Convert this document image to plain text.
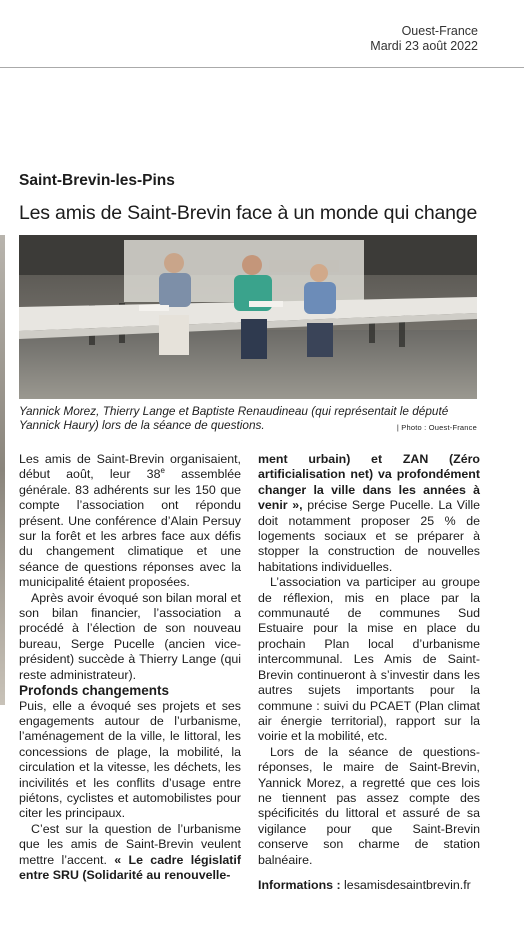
Ouest-France
Mardi 23 août 2022
Saint-Brevin-les-Pins
Les amis de Saint-Brevin face à un monde qui change
Yannick Morez, Thierry Lange et Baptiste Renaudineau (qui représentait le député Yannick Haury) lors de la séance de questions.	| Photo : Ouest-France

Les amis de Saint-Brevin organisaient, début août, leur 38e assemblée générale. 83 adhérents sur les 150 que compte l’association ont répondu présent. Une conférence d’Alain Persuy sur la forêt et les arbres face aux défis du changement climatique et une séance de questions réponses avec la municipalité étaient proposées.

Après avoir évoqué son bilan moral et son bilan financier, l’association a procédé à l’élection de son nouveau bureau, Serge Pucelle (ancien vice-président) succède à Thierry Lange (qui reste administrateur).

Profonds changements

Puis, elle a évoqué ses projets et ses engagements autour de l’urbanisme, l’aménagement de la ville, le littoral, les concessions de plage, la mobilité, la circulation et la vitesse, les déchets, les incivilités et les conflits d’usage entre piétons, cyclistes et automobilistes pour citer les principaux.

C’est sur la question de l’urbanisme que les amis de Saint-Brevin veulent mettre l’accent. « Le cadre législatif entre SRU (Solidarité au renouvelle-

ment urbain) et ZAN (Zéro artificialisation net) va profondément changer la ville dans les années à venir », précise Serge Pucelle. La Ville doit notamment proposer 25 % de logements sociaux et se préparer à stopper la construction de nouvelles habitations individuelles.

L’association va participer au groupe de réflexion, mis en place par la communauté de communes Sud Estuaire pour la mise en place du prochain Plan local d’urbanisme intercommunal. Les Amis de Saint-Brevin continueront à s’investir dans les autres sujets importants pour la commune : suivi du PCAET (Plan climat air énergie territorial), rapport sur la voirie et la mobilité, etc.

Lors de la séance de questions-réponses, le maire de Saint-Brevin, Yannick Morez, a regretté que ces lois ne tiennent pas assez compte des spécificités du littoral et assuré de sa vigilance pour que Saint-Brevin conserve son charme de station balnéaire.

Informations : lesamisdesaintbrevin.fr
